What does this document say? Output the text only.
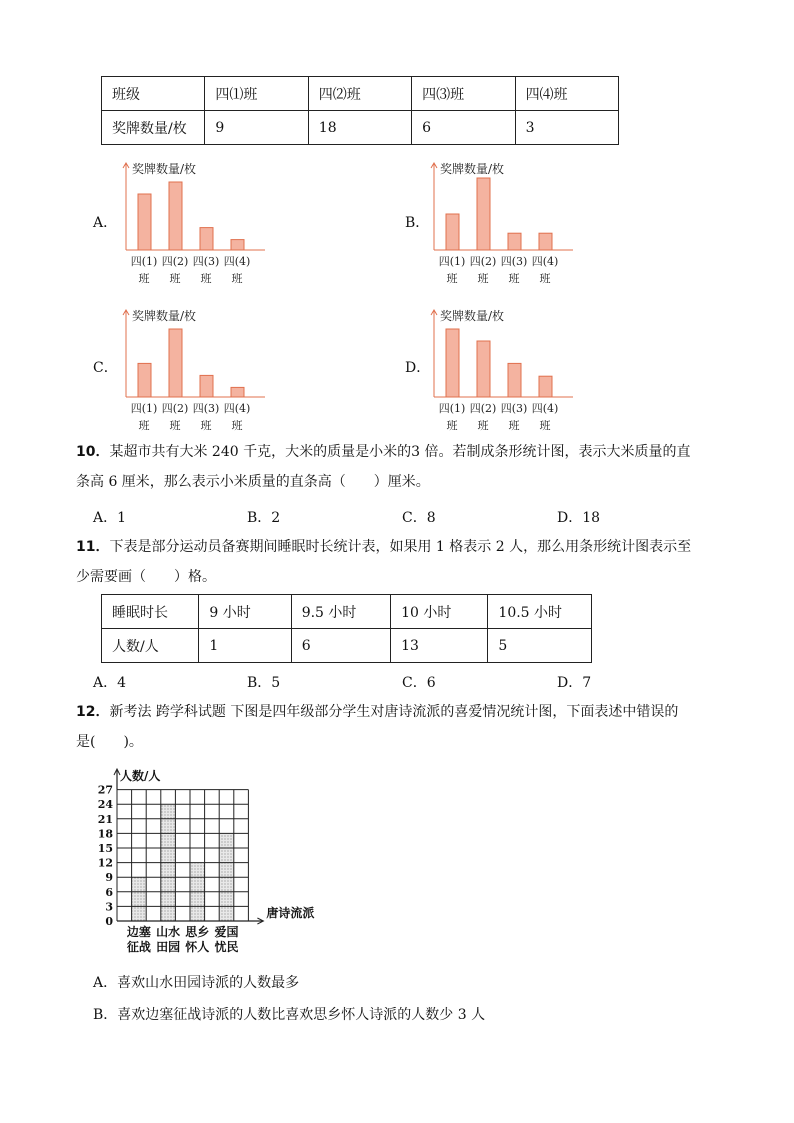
班级	四⑴班	四⑵班	四⑶班	四⑷班
奖牌数量/枚	9	18	6	3
A．
奖牌数量/枚
四(1)
班
四(2)
班
四(3)
班
四(4)
班
B．
奖牌数量/枚
四(1)
班
四(2)
班
四(3)
班
四(4)
班
C．
奖牌数量/枚
四(1)
班
四(2)
班
四(3)
班
四(4)
班
D．
奖牌数量/枚
四(1)
班
四(2)
班
四(3)
班
四(4)
班
10．某超市共有大米 240 千克，大米的质量是小米的3 倍。若制成条形统计图，表示大米质量的直
条高 6 厘米，那么表示小米质量的直条高（　　）厘米。
A．1	B．2	C．8	D．18
11．下表是部分运动员备赛期间睡眠时长统计表，如果用 1 格表示 2 人，那么用条形统计图表示至
少需要画（　　）格。
睡眠时长	9 小时	9.5 小时	10 小时	10.5 小时
人数/人	1	6	13	5
A．4	B．5	C．6	D．7
12．新考法 跨学科试题 下图是四年级部分学生对唐诗流派的喜爱情况统计图，下面表述中错误的
是(　　)。
人数/人
唐诗流派
0
3
6
9
12
15
18
21
24
27
边塞
征战
山水
田园
思乡
怀人
爱国
忧民
A．喜欢山水田园诗派的人数最多
B．喜欢边塞征战诗派的人数比喜欢思乡怀人诗派的人数少 3 人
